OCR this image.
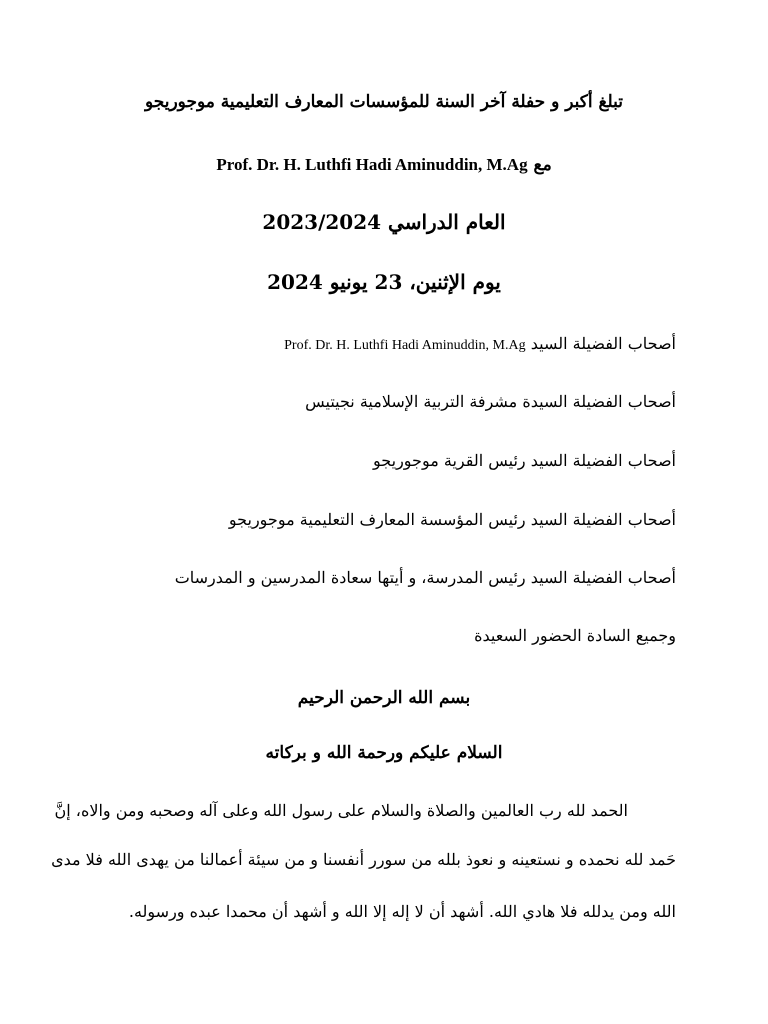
تبلغ أكبر و حفلة آخر السنة للمؤسسات المعارف التعليمية موجوريجو
مع Prof. Dr. H. Luthfi Hadi Aminuddin, M.Ag
العام الدراسي 2023/2024
يوم الإثنين، 23 يونيو 2024
أصحاب الفضيلة السيد Prof. Dr. H. Luthfi Hadi Aminuddin, M.Ag
أصحاب الفضيلة السيدة مشرفة التربية الإسلامية نجيتيس
أصحاب الفضيلة السيد رئيس القرية موجوريجو
أصحاب الفضيلة السيد رئيس المؤسسة المعارف التعليمية موجوريجو
أصحاب الفضيلة السيد رئيس المدرسة، و أيتها سعادة المدرسين و المدرسات
وجميع السادة الحضور السعيدة
بسم الله الرحمن الرحيم
السلام عليكم ورحمة الله و بركاته
الحمد لله رب العالمين والصلاة والسلام على رسول الله وعلى آله وصحبه ومن والاه، إنَّ
حَمد لله نحمده و نستعينه و نعوذ بلله من سورر أنفسنا و من سيئة أعمالنا من يهدى الله فلا مدى
الله ومن يدلله فلا هادي الله. أشهد أن لا إله إلا الله و أشهد أن محمدا عبده ورسوله.
